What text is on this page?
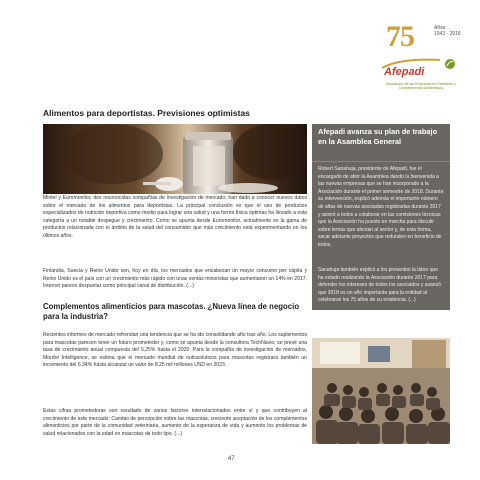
75	Años
1943 - 2018
Afepadi
Asociación de las Empresas de Dietéticos y Complementos Alimenticios
Alimentos para deportistas. Previsiones optimistas

Mintel y Euromonitor, dos reconocidas compañías de investigación de mercado, han dado a conocer nuevos datos sobre el mercado de los alimentos para deportistas. La principal conclusión es que el uso de productos especializados de nutrición deportiva como medio para lograr una salud y una forma física óptimas ha llevado a esta categoría a un notable despegue y crecimiento. Como se apunta desde Euromonitor, actualmente es la gama de productos relacionada con el ámbito de la salud del consumidor que más crecimiento está experimentando en los últimos años.

Finlandia, Suecia y Reino Unido son, hoy en día, los mercados que encabezan un mayor consumo per cápita y Reino Unido es el país con un crecimiento más rápido con unas ventas minoristas que aumentaron un 14% en 2017. Internet parece despuntar como principal canal de distribución. (...)

Complementos alimenticios para mascotas. ¿Nueva línea de negocio para la industria?

Recientes informes de mercado refrendan una tendencia que se ha ido consolidando año tras año. Los suplementos para mascotas parecen tener un futuro prometedor y, como se apunta desde la consultora TechNavio, se prevé una tasa de crecimiento anual compuesta del 5,25% hasta el 2020. Para la compañía de investigación de mercados, Mordor Intelligence, se estima que el mercado mundial de nutracéuticos para mascotas registrará también un incremento del 6,34% hasta alcanzar un valor de 8.25 mil millones USD en 2023.

Estas cifras prometedoras son resultado de varios factores interrelacionados entre sí y que contribuyen al crecimiento de este mercado: Cambio de percepción sobre las mascotas, creciente aceptación de los complementos alimenticios por parte de la comunidad veterinaria, aumento de la esperanza de vida y aumento los problemas de salud relacionados con la edad en mascotas de todo tipo. (...)

Afepadi avanza su plan de trabajo en la Asamblea General

Robert Sanahuja, presidente de Afepadi, fue el encargado de abrir la Asamblea dando la bienvenida a las nuevas empresas que se han incorporado a la Asociación durante el primer semestre de 2018. Durante su intervención, explicó además el importante número de altas de nuevas asociadas registradas durante 2017 y animó a todos a colaborar en las comisiones técnicas que la Asociación ha puesto en marcha para discutir sobre temas que afectan al sector y, de esta forma, sacar adelante proyectos que redunden en beneficio de todos.

Sanahuja también explicó a los presentes la labor que ha estado realizando la Asociación durante 2017 para defender los intereses de todos los asociados y avanzó que 2018 es un año importante para la entidad al celebrarse los 75 años de su existencia. (...)

47
